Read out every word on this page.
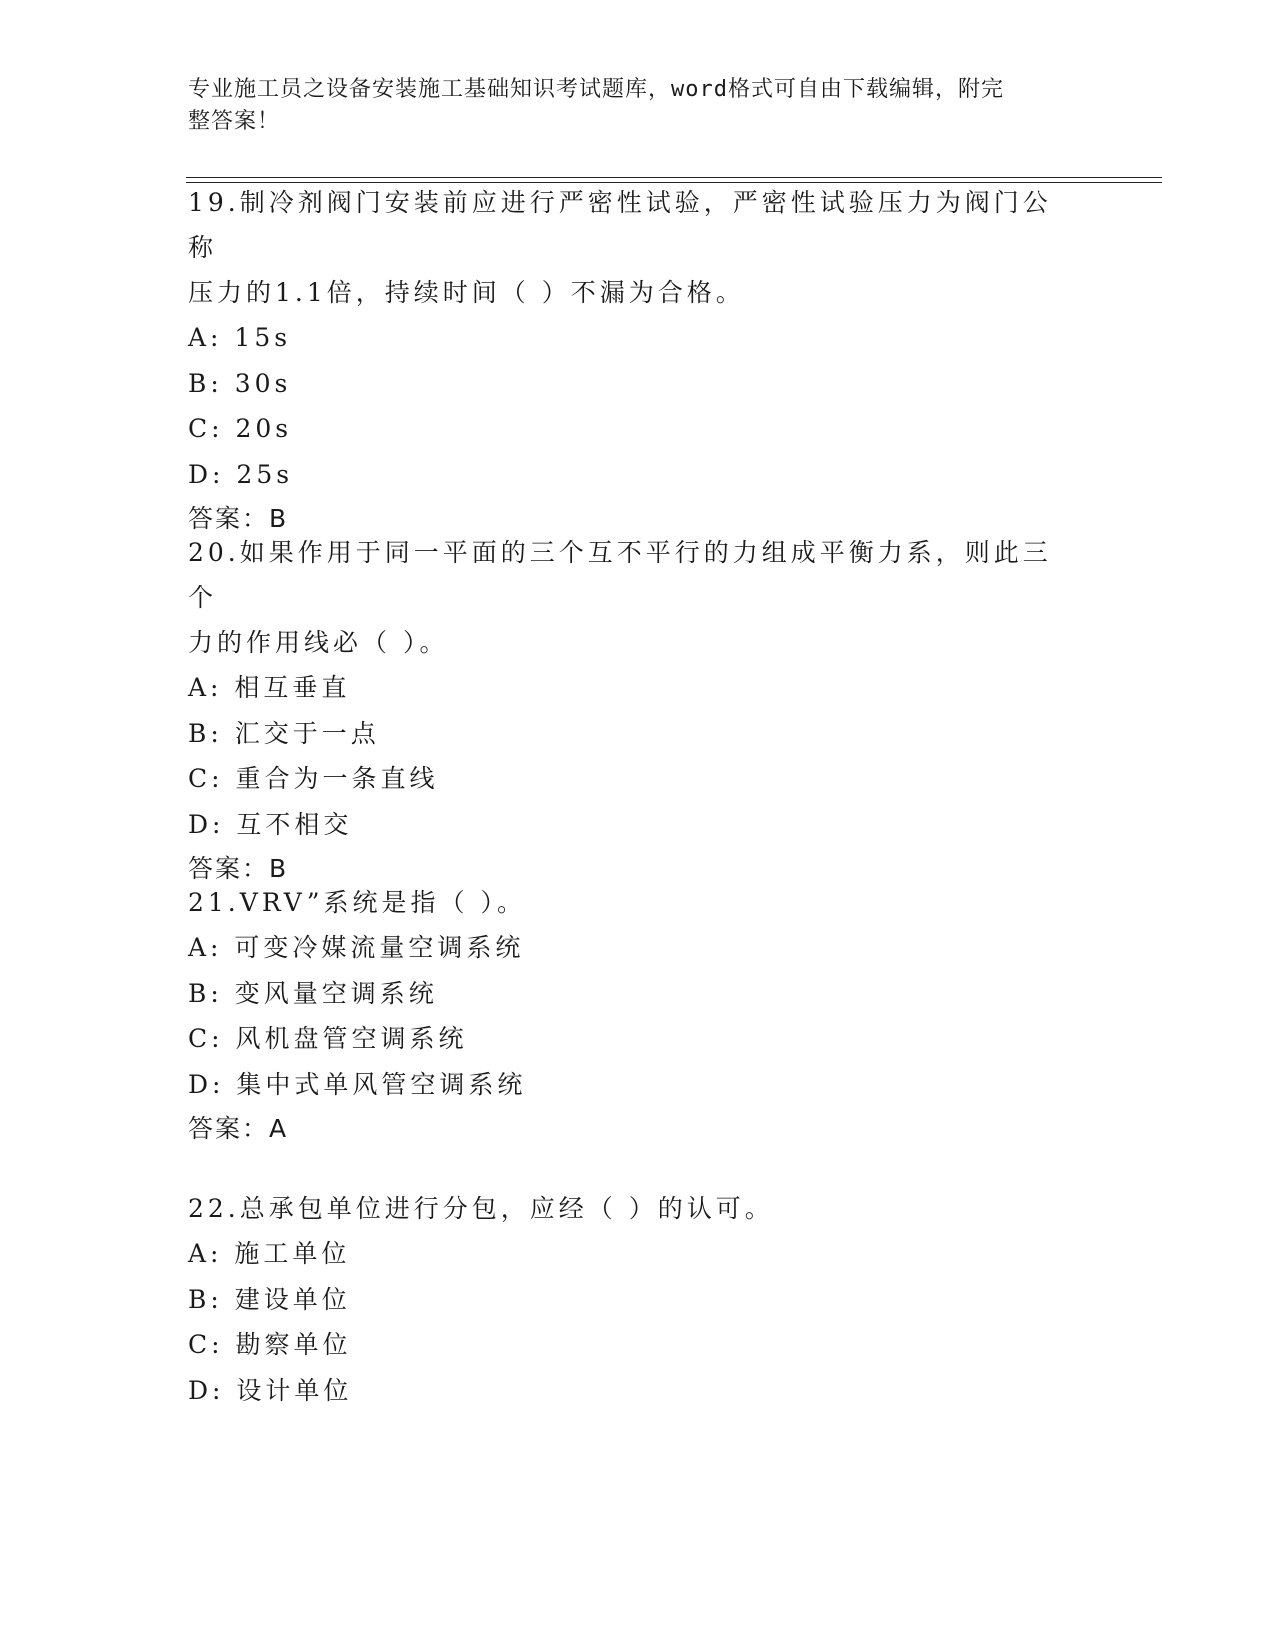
专业施工员之设备安装施工基础知识考试题库，word格式可自由下载编辑，附完
整答案！
19.制冷剂阀门安装前应进行严密性试验，严密性试验压力为阀门公称
压力的1.1倍，持续时间（ ）不漏为合格。
A: 15s
B: 30s
C: 20s
D: 25s
答案：B
20.如果作用于同一平面的三个互不平行的力组成平衡力系，则此三个
力的作用线必（ ）。
A: 相互垂直
B: 汇交于一点
C: 重合为一条直线
D: 互不相交
答案：B
21.VRV”系统是指（ ）。
A: 可变冷媒流量空调系统
B: 变风量空调系统
C: 风机盘管空调系统
D: 集中式单风管空调系统
答案：A
22.总承包单位进行分包，应经（ ）的认可。
A: 施工单位
B: 建设单位
C: 勘察单位
D: 设计单位
